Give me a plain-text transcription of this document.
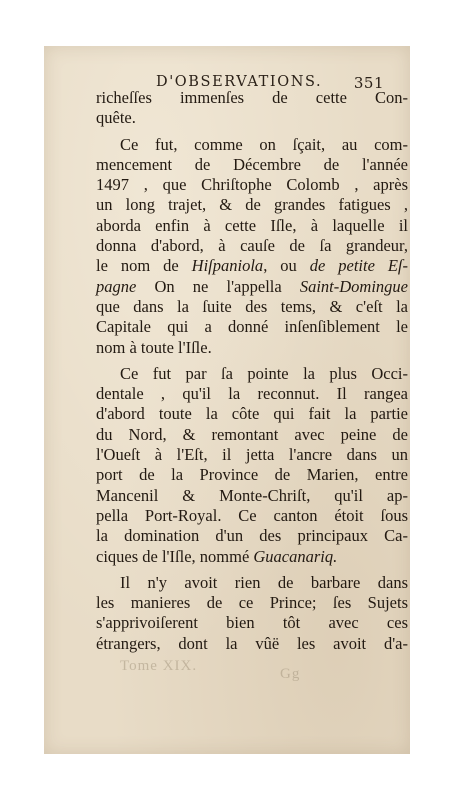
D'OBSERVATIONS. 351
richeſſes immenſes de cette Con-
quête.
Ce fut, comme on ſçait, au com-
mencement de Décembre de l'année
1497 , que Chriſtophe Colomb , après
un long trajet, & de grandes fatigues ,
aborda enfin à cette Iſle, à laquelle il
donna d'abord, à cauſe de ſa grandeur,
le nom de Hiſpaniola, ou de petite Eſ-
pagne On ne l'appella Saint-Domingue
que dans la ſuite des tems, & c'eſt la
Capitale qui a donné inſenſiblement le
nom à toute l'Iſle.
Ce fut par ſa pointe la plus Occi-
dentale , qu'il la reconnut. Il rangea
d'abord toute la côte qui fait la partie
du Nord, & remontant avec peine de
l'Oueſt à l'Eſt, il jetta l'ancre dans un
port de la Province de Marien, entre
Mancenil & Monte-Chriſt, qu'il ap-
pella Port-Royal. Ce canton étoit ſous
la domination d'un des principaux Ca-
ciques de l'Iſle, nommé Guacanariq.
Il n'y avoit rien de barbare dans
les manieres de ce Prince; ſes Sujets
s'apprivoiſerent bien tôt avec ces
étrangers, dont la vûë les avoit d'a-
Tome XIX.	Gg
